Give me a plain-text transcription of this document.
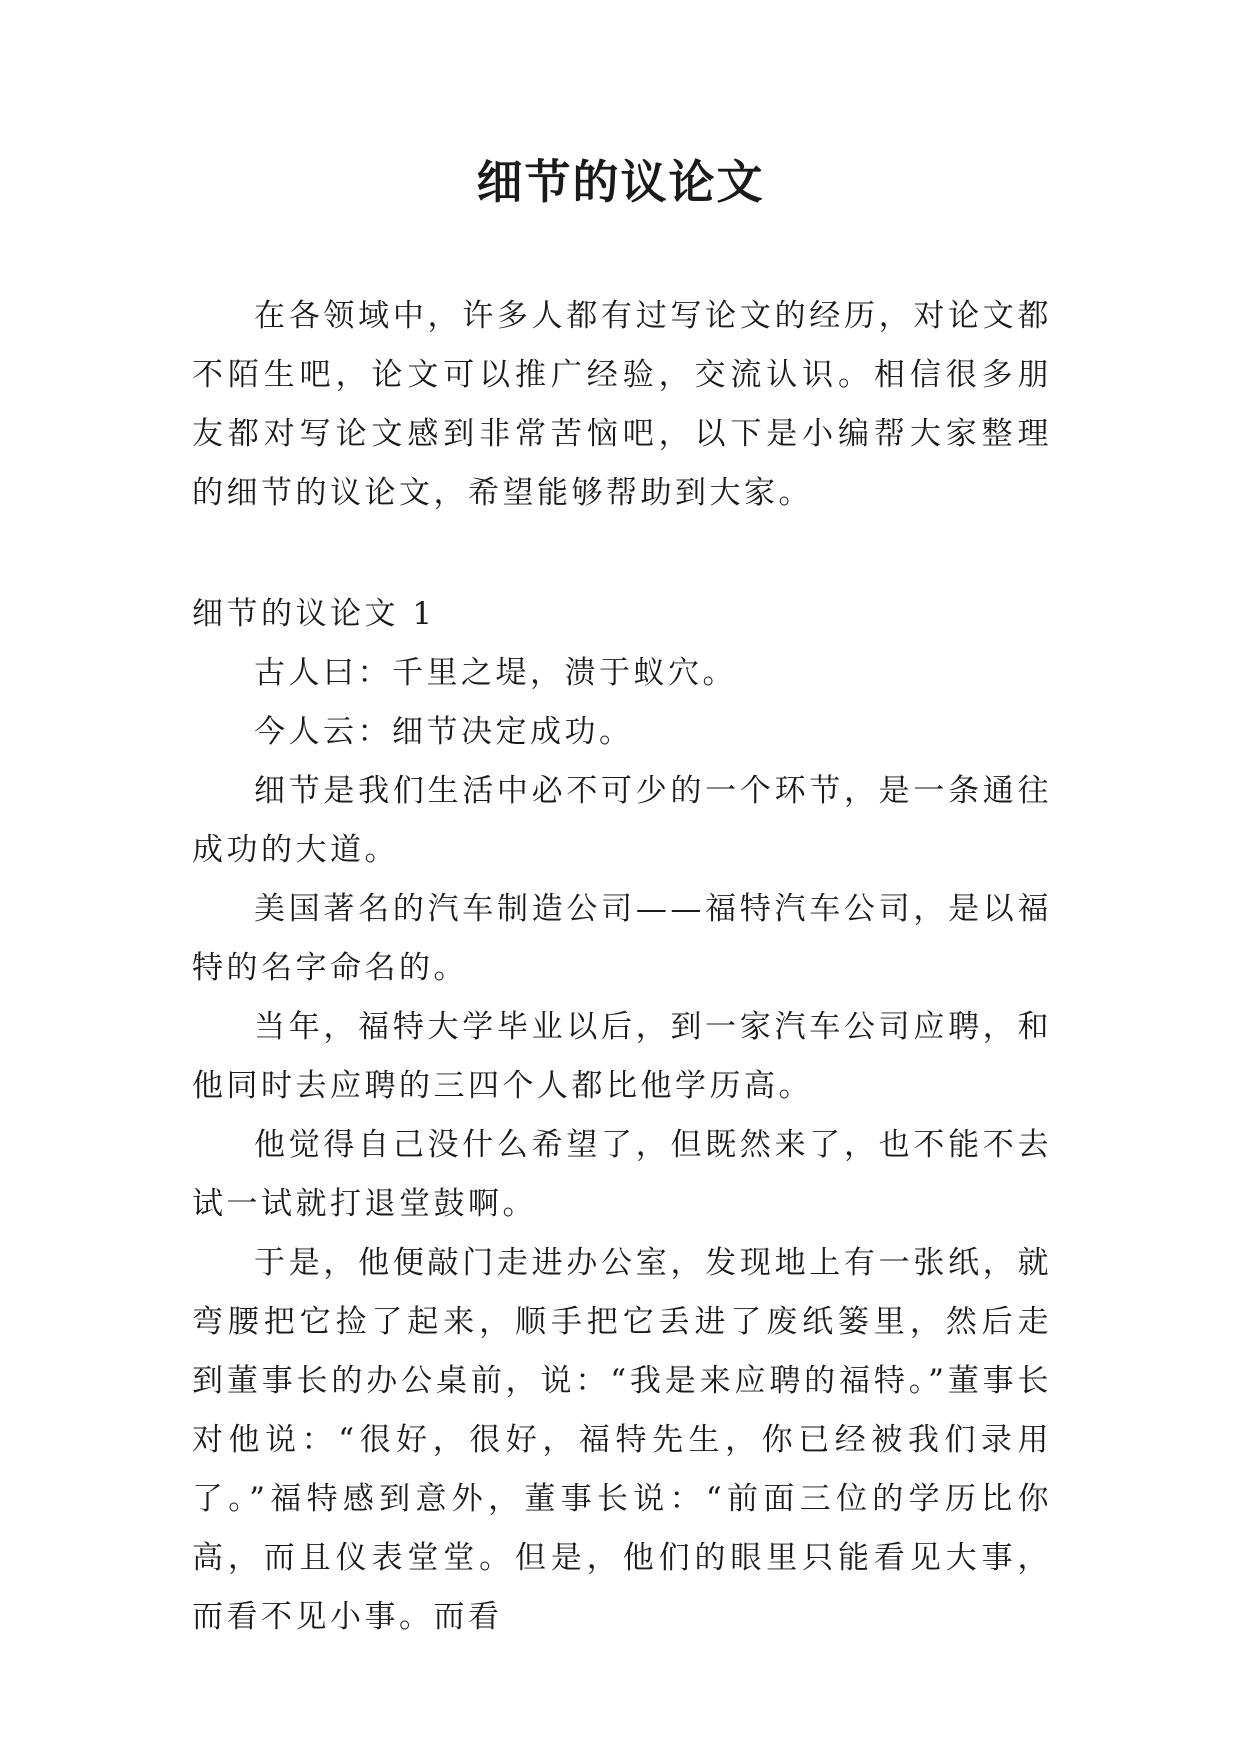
细节的议论文

在各领域中，许多人都有过写论文的经历，对论文都不陌生吧，论文可以推广经验，交流认识。相信很多朋友都对写论文感到非常苦恼吧，以下是小编帮大家整理的细节的议论文，希望能够帮助到大家。

细节的议论文 1

古人曰：千里之堤，溃于蚁穴。

今人云：细节决定成功。

细节是我们生活中必不可少的一个环节，是一条通往成功的大道。

美国著名的汽车制造公司——福特汽车公司，是以福特的名字命名的。

当年，福特大学毕业以后，到一家汽车公司应聘，和他同时去应聘的三四个人都比他学历高。

他觉得自己没什么希望了，但既然来了，也不能不去试一试就打退堂鼓啊。

于是，他便敲门走进办公室，发现地上有一张纸，就弯腰把它捡了起来，顺手把它丢进了废纸篓里，然后走到董事长的办公桌前，说：“我是来应聘的福特。”董事长对他说：“很好，很好，福特先生，你已经被我们录用了。”福特感到意外，董事长说：“前面三位的学历比你高，而且仪表堂堂。但是，他们的眼里只能看见大事，而看不见小事。而看
